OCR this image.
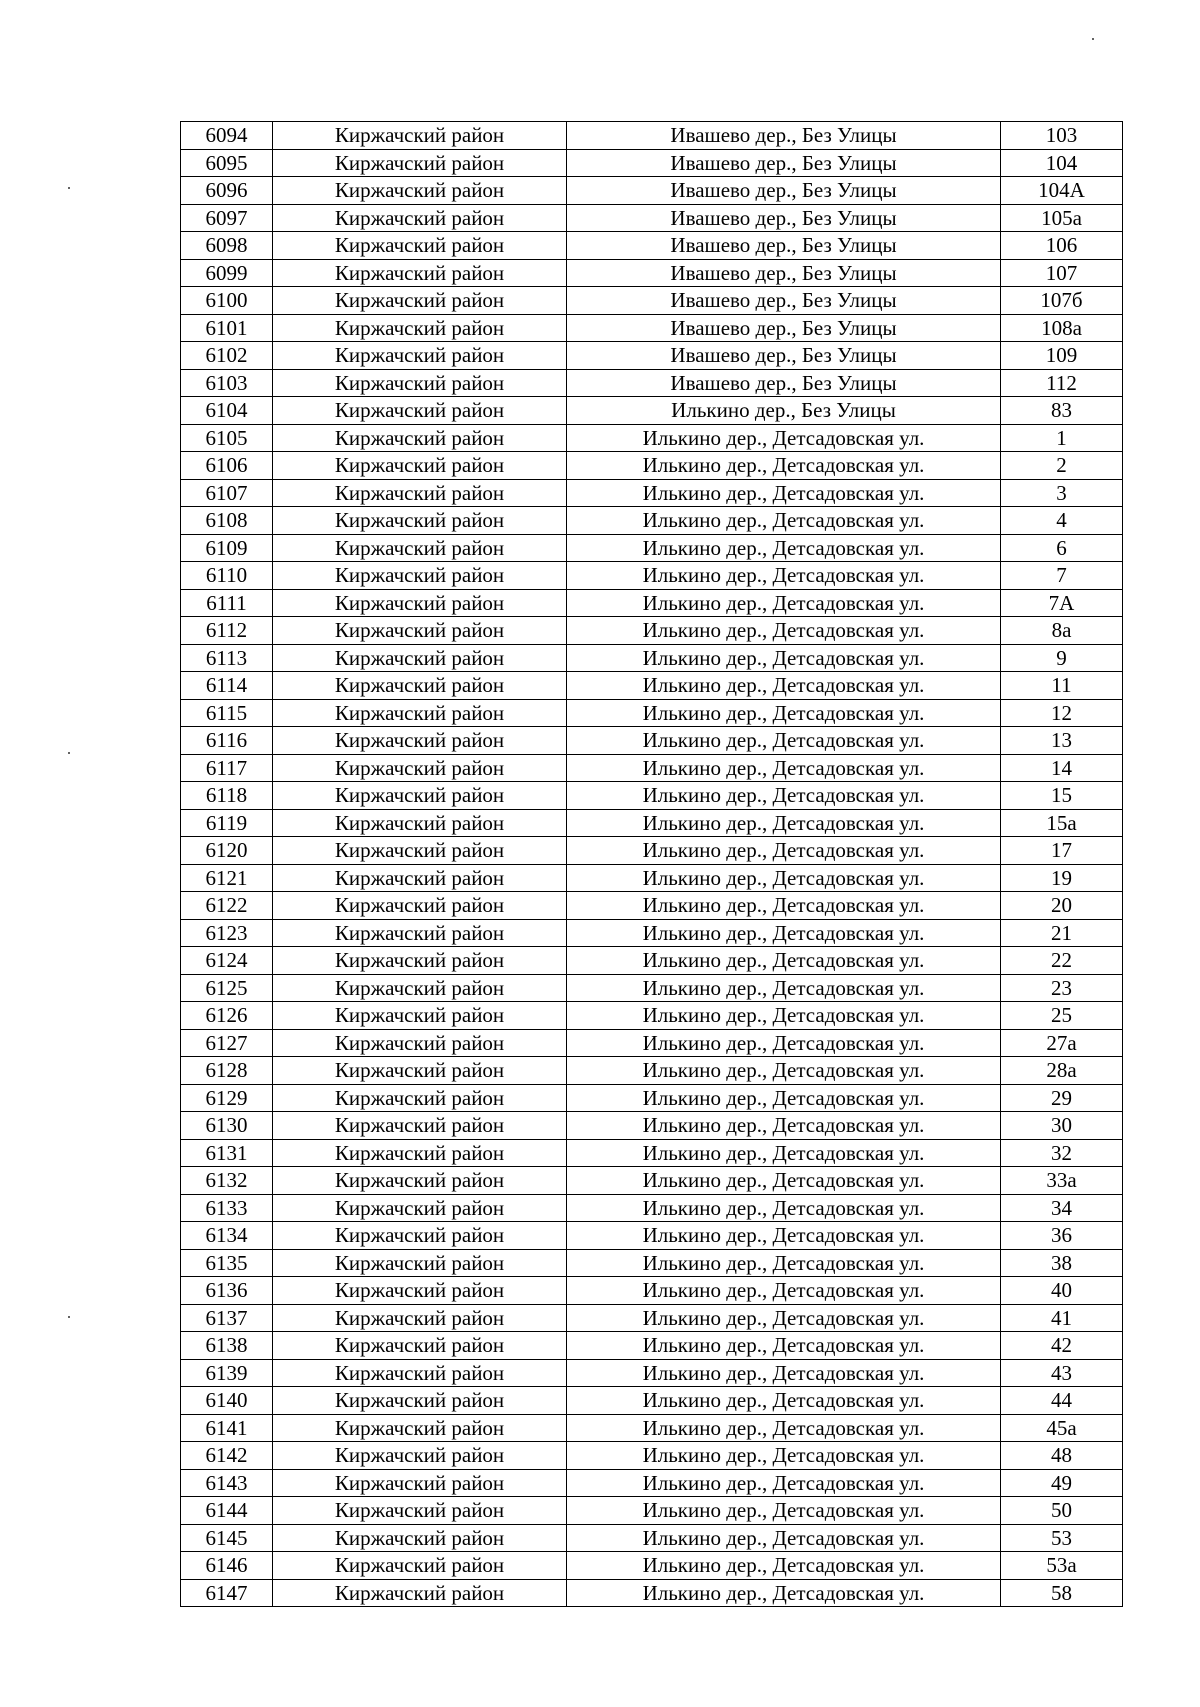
6094	Киржачский район	Ивашево дер., Без Улицы	103
6095	Киржачский район	Ивашево дер., Без Улицы	104
6096	Киржачский район	Ивашево дер., Без Улицы	104А
6097	Киржачский район	Ивашево дер., Без Улицы	105а
6098	Киржачский район	Ивашево дер., Без Улицы	106
6099	Киржачский район	Ивашево дер., Без Улицы	107
6100	Киржачский район	Ивашево дер., Без Улицы	107б
6101	Киржачский район	Ивашево дер., Без Улицы	108а
6102	Киржачский район	Ивашево дер., Без Улицы	109
6103	Киржачский район	Ивашево дер., Без Улицы	112
6104	Киржачский район	Илькино дер., Без Улицы	83
6105	Киржачский район	Илькино дер., Детсадовская ул.	1
6106	Киржачский район	Илькино дер., Детсадовская ул.	2
6107	Киржачский район	Илькино дер., Детсадовская ул.	3
6108	Киржачский район	Илькино дер., Детсадовская ул.	4
6109	Киржачский район	Илькино дер., Детсадовская ул.	6
6110	Киржачский район	Илькино дер., Детсадовская ул.	7
6111	Киржачский район	Илькино дер., Детсадовская ул.	7А
6112	Киржачский район	Илькино дер., Детсадовская ул.	8а
6113	Киржачский район	Илькино дер., Детсадовская ул.	9
6114	Киржачский район	Илькино дер., Детсадовская ул.	11
6115	Киржачский район	Илькино дер., Детсадовская ул.	12
6116	Киржачский район	Илькино дер., Детсадовская ул.	13
6117	Киржачский район	Илькино дер., Детсадовская ул.	14
6118	Киржачский район	Илькино дер., Детсадовская ул.	15
6119	Киржачский район	Илькино дер., Детсадовская ул.	15а
6120	Киржачский район	Илькино дер., Детсадовская ул.	17
6121	Киржачский район	Илькино дер., Детсадовская ул.	19
6122	Киржачский район	Илькино дер., Детсадовская ул.	20
6123	Киржачский район	Илькино дер., Детсадовская ул.	21
6124	Киржачский район	Илькино дер., Детсадовская ул.	22
6125	Киржачский район	Илькино дер., Детсадовская ул.	23
6126	Киржачский район	Илькино дер., Детсадовская ул.	25
6127	Киржачский район	Илькино дер., Детсадовская ул.	27а
6128	Киржачский район	Илькино дер., Детсадовская ул.	28а
6129	Киржачский район	Илькино дер., Детсадовская ул.	29
6130	Киржачский район	Илькино дер., Детсадовская ул.	30
6131	Киржачский район	Илькино дер., Детсадовская ул.	32
6132	Киржачский район	Илькино дер., Детсадовская ул.	33а
6133	Киржачский район	Илькино дер., Детсадовская ул.	34
6134	Киржачский район	Илькино дер., Детсадовская ул.	36
6135	Киржачский район	Илькино дер., Детсадовская ул.	38
6136	Киржачский район	Илькино дер., Детсадовская ул.	40
6137	Киржачский район	Илькино дер., Детсадовская ул.	41
6138	Киржачский район	Илькино дер., Детсадовская ул.	42
6139	Киржачский район	Илькино дер., Детсадовская ул.	43
6140	Киржачский район	Илькино дер., Детсадовская ул.	44
6141	Киржачский район	Илькино дер., Детсадовская ул.	45а
6142	Киржачский район	Илькино дер., Детсадовская ул.	48
6143	Киржачский район	Илькино дер., Детсадовская ул.	49
6144	Киржачский район	Илькино дер., Детсадовская ул.	50
6145	Киржачский район	Илькино дер., Детсадовская ул.	53
6146	Киржачский район	Илькино дер., Детсадовская ул.	53а
6147	Киржачский район	Илькино дер., Детсадовская ул.	58
